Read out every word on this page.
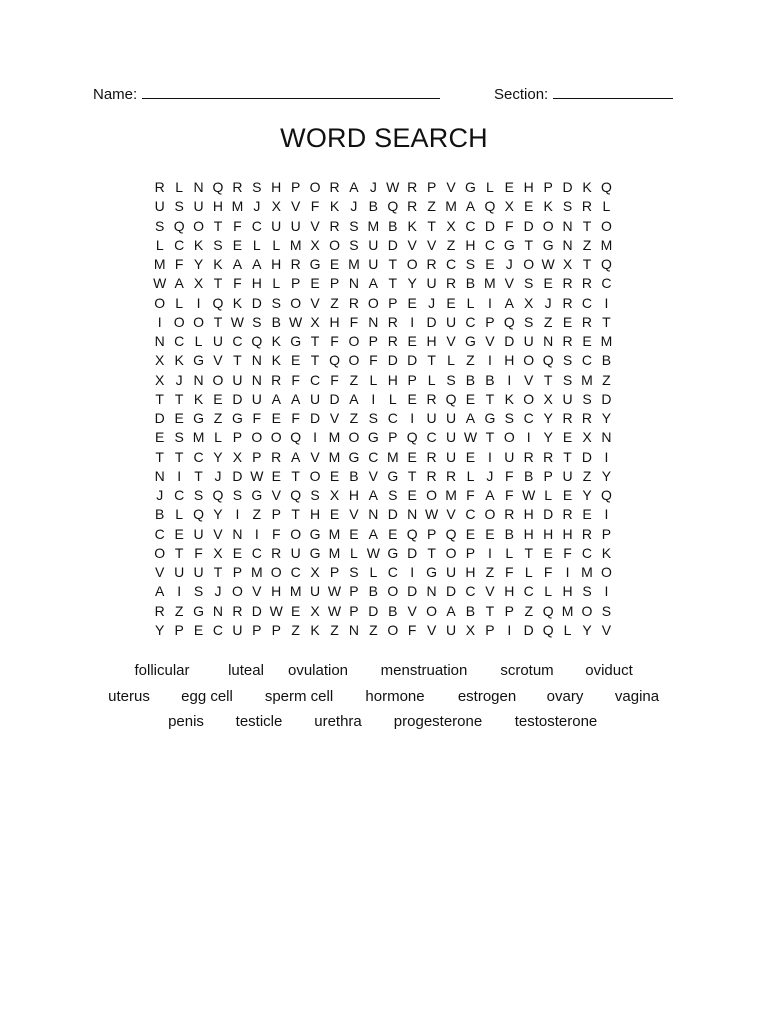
Name:	Section:
WORD SEARCH
R L N Q R S H P O R A J W R P V G L E H P D K Q
U S U H M J X V F K J B Q R Z M A Q X E K S R L
S Q O T F C U U V R S M B K T X C D F D O N T O
L C K S E L L M X O S U D V V Z H C G T G N Z M
M F Y K A A H R G E M U T O R C S E J O W X T Q
W A X T F H L P E P N A T Y U R B M V S E R R C
O L I Q K D S O V Z R O P E J E L I A X J R C I
I O O T W S B W X H F N R I D U C P Q S Z E R T
N C L U C Q K G T F O P R E H V G V D U N R E M
X K G V T N K E T Q O F D D T L Z I H O Q S C B
X J N O U N R F C F Z L H P L S B B I V T S M Z
T T K E D U A A U D A I L E R Q E T K O X U S D
D E G Z G F E F D V Z S C I U U A G S C Y R R Y
E S M L P O O Q I M O G P Q C U W T O I Y E X N
T T C Y X P R A V M G C M E R U E I U R R T D I
N I T J D W E T O E B V G T R R L J F B P U Z Y
J C S Q S G V Q S X H A S E O M F A F W L E Y Q
B L Q Y I Z P T H E V N D N W V C O R H D R E I
C E U V N I F O G M E A E Q P Q E E B H H H R P
O T F X E C R U G M L W G D T O P I L T E F C K
V U U T P M O C X P S L C I G U H Z F L F I M O
A I S J O V H M U W P B O D N D C V H C L H S I
R Z G N R D W E X W P D B V O A B T P Z Q M O S
Y P E C U P P Z K Z N Z O F V U X P I D Q L Y V
follicular	luteal ovulation menstruation scrotum oviduct
uterus egg cell sperm cell hormone estrogen ovary vagina
penis testicle urethra progesterone testosterone
